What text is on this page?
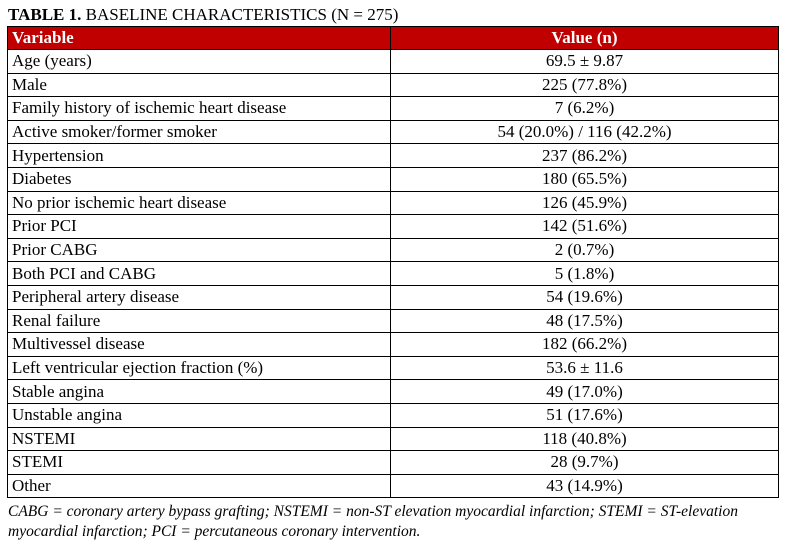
TABLE 1. BASELINE CHARACTERISTICS (N = 275)
Variable	Value (n)
Age (years)	69.5 ± 9.87
Male	225 (77.8%)
Family history of ischemic heart disease	7 (6.2%)
Active smoker/former smoker	54 (20.0%) / 116 (42.2%)
Hypertension	237 (86.2%)
Diabetes	180 (65.5%)
No prior ischemic heart disease	126 (45.9%)
Prior PCI	142 (51.6%)
Prior CABG	2 (0.7%)
Both PCI and CABG	5 (1.8%)
Peripheral artery disease	54 (19.6%)
Renal failure	48 (17.5%)
Multivessel disease	182 (66.2%)
Left ventricular ejection fraction (%)	53.6 ± 11.6
Stable angina	49 (17.0%)
Unstable angina	51 (17.6%)
NSTEMI	118 (40.8%)
STEMI	28 (9.7%)
Other	43 (14.9%)
CABG = coronary artery bypass grafting; NSTEMI = non-ST elevation myocardial infarction; STEMI = ST-elevation myocardial infarction; PCI = percutaneous coronary intervention.
